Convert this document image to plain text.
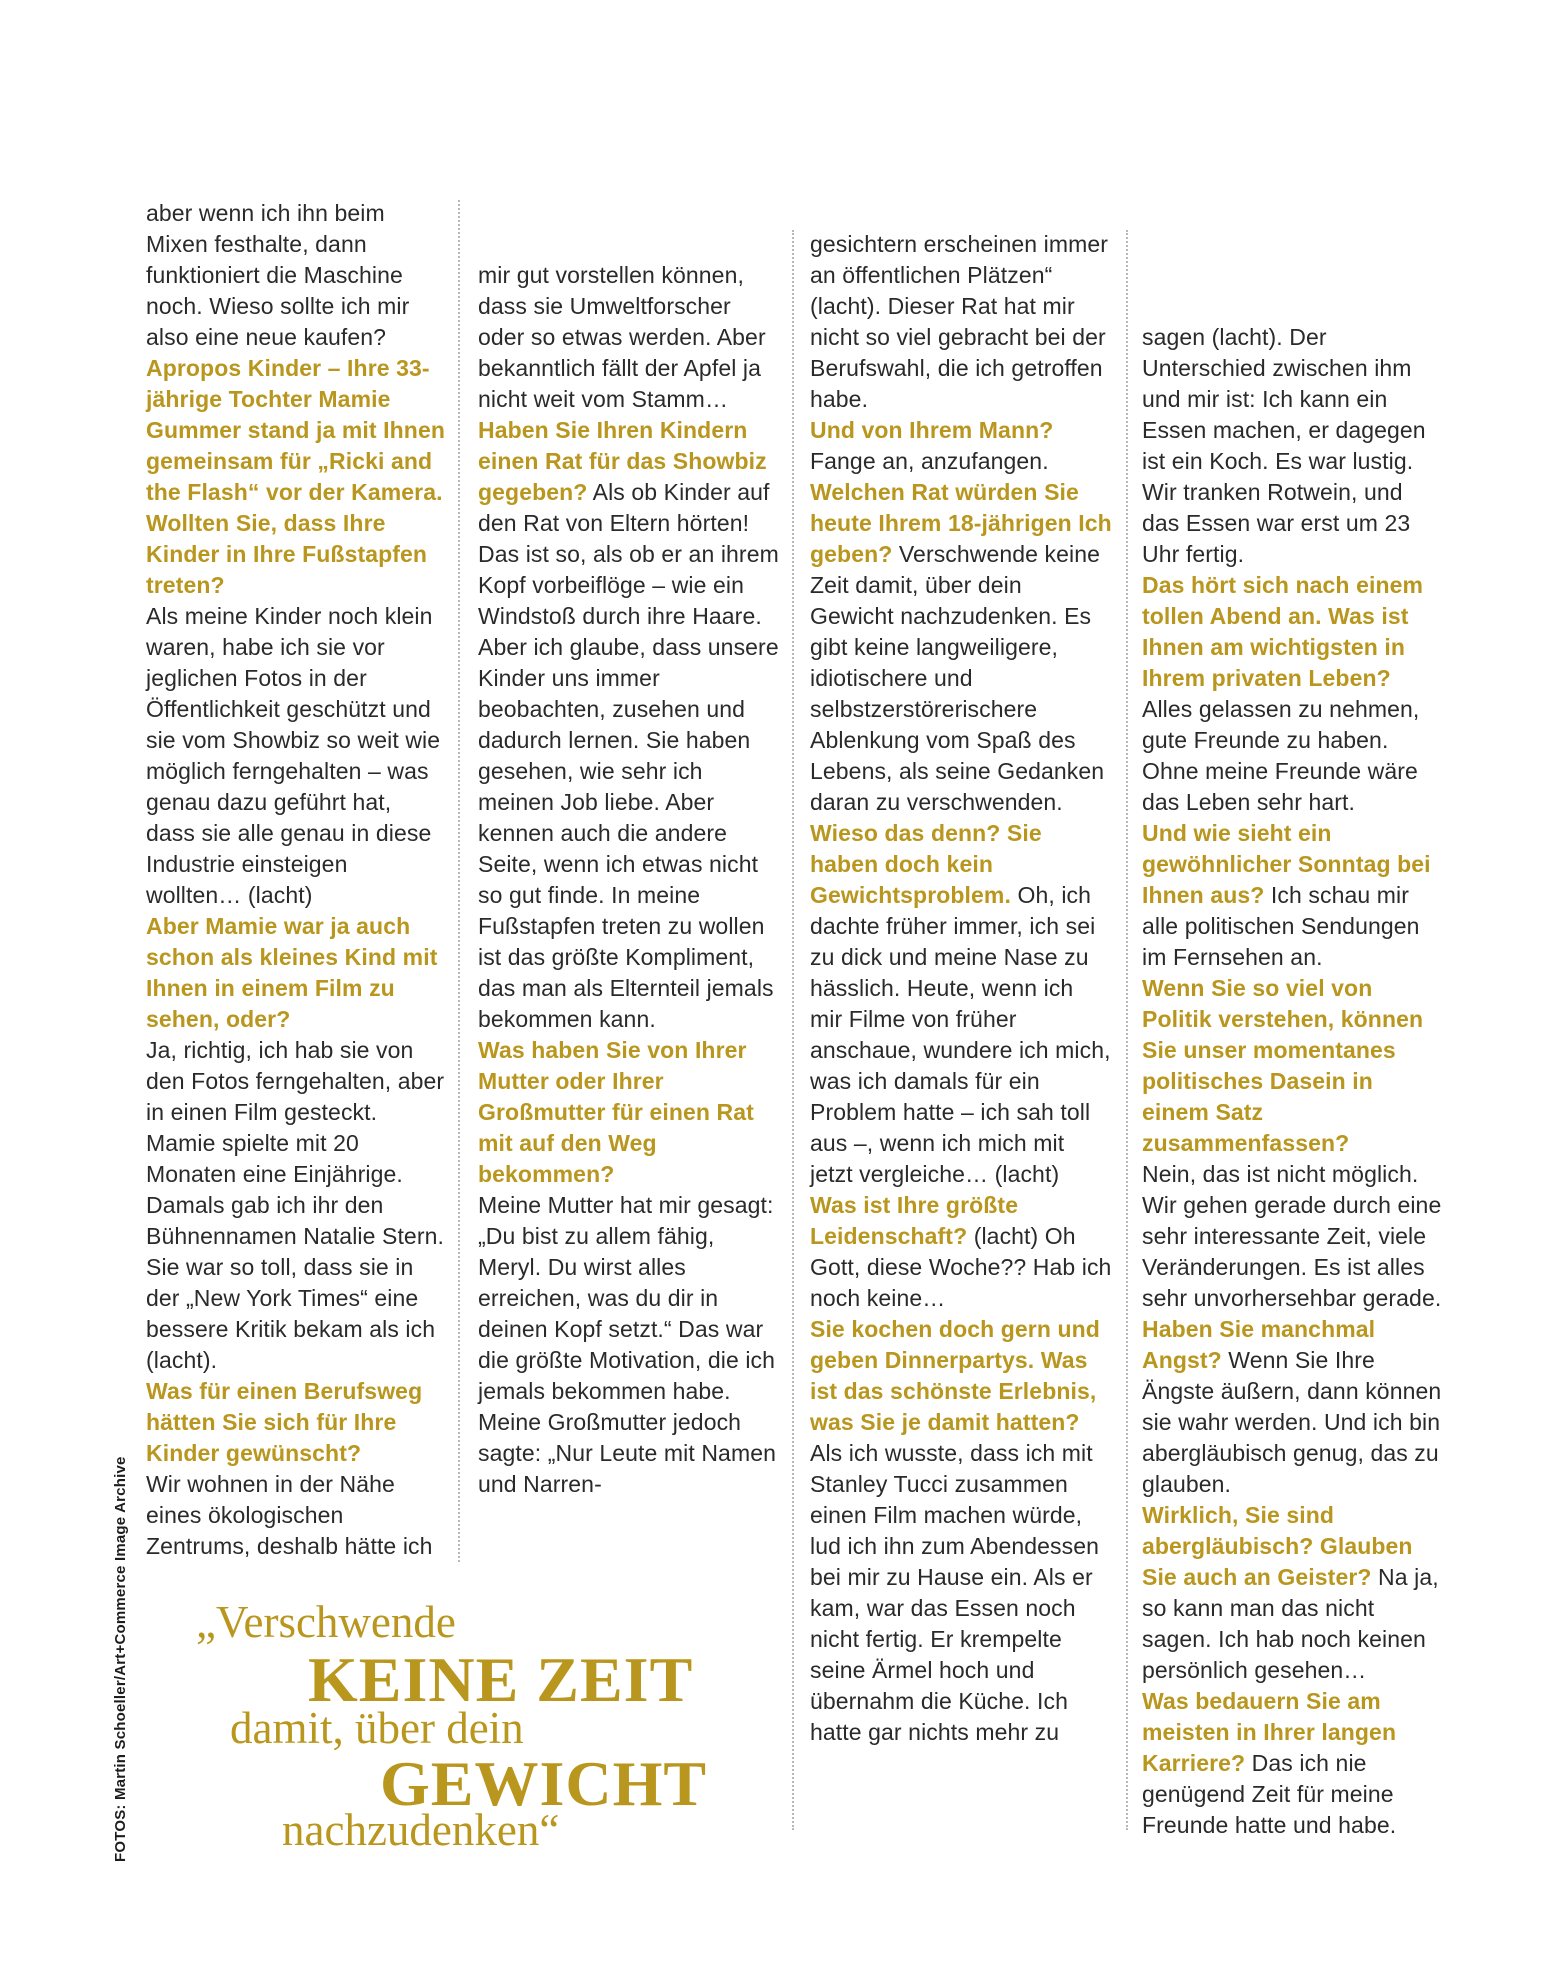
aber wenn ich ihn beim Mixen festhalte, dann funktioniert die Maschine noch. Wieso sollte ich mir also eine neue kaufen?

Apropos Kinder – Ihre 33-jährige Tochter Mamie Gummer stand ja mit Ihnen gemeinsam für „Ricki and the Flash“ vor der Kamera. Wollten Sie, dass Ihre Kinder in Ihre Fußstapfen treten?

Als meine Kinder noch klein waren, habe ich sie vor jeglichen Fotos in der Öffentlichkeit geschützt und sie vom Showbiz so weit wie möglich ferngehalten – was genau dazu geführt hat, dass sie alle genau in diese Industrie einsteigen wollten… (lacht)

Aber Mamie war ja auch schon als kleines Kind mit Ihnen in einem Film zu sehen, oder?

Ja, richtig, ich hab sie von den Fotos ferngehalten, aber in einen Film gesteckt. Mamie spielte mit 20 Monaten eine Einjährige. Damals gab ich ihr den Bühnennamen Natalie Stern. Sie war so toll, dass sie in der „New York Times“ eine bessere Kritik bekam als ich (lacht).

Was für einen Berufsweg hätten Sie sich für Ihre Kinder gewünscht?

Wir wohnen in der Nähe eines ökologischen Zentrums, deshalb hätte ich

mir gut vorstellen können, dass sie Umweltforscher oder so etwas werden. Aber bekanntlich fällt der Apfel ja nicht weit vom Stamm…

Haben Sie Ihren Kindern einen Rat für das Showbiz gegeben? Als ob Kinder auf den Rat von Eltern hörten! Das ist so, als ob er an ihrem Kopf vorbeiflöge – wie ein Windstoß durch ihre Haare. Aber ich glaube, dass unsere Kinder uns immer beobachten, zusehen und dadurch lernen. Sie haben gesehen, wie sehr ich meinen Job liebe. Aber kennen auch die andere Seite, wenn ich etwas nicht so gut finde. In meine Fußstapfen treten zu wollen ist das größte Kompliment, das man als Elternteil jemals bekommen kann.

Was haben Sie von Ihrer Mutter oder Ihrer Großmutter für einen Rat mit auf den Weg bekommen?

Meine Mutter hat mir gesagt: „Du bist zu allem fähig, Meryl. Du wirst alles erreichen, was du dir in deinen Kopf setzt.“ Das war die größte Motivation, die ich jemals bekommen habe. Meine Großmutter jedoch sagte: „Nur Leute mit Namen und Narren-

gesichtern erscheinen immer an öffentlichen Plätzen“ (lacht). Dieser Rat hat mir nicht so viel gebracht bei der Berufswahl, die ich getroffen habe.

Und von Ihrem Mann?

Fange an, anzufangen.

Welchen Rat würden Sie heute Ihrem 18-jährigen Ich geben? Verschwende keine Zeit damit, über dein Gewicht nachzudenken. Es gibt keine langweiligere, idiotischere und selbstzerstörerischere Ablenkung vom Spaß des Lebens, als seine Gedanken daran zu verschwenden.

Wieso das denn? Sie haben doch kein Gewichtsproblem. Oh, ich dachte früher immer, ich sei zu dick und meine Nase zu hässlich. Heute, wenn ich mir Filme von früher anschaue, wundere ich mich, was ich damals für ein Problem hatte – ich sah toll aus –, wenn ich mich mit jetzt vergleiche… (lacht)

Was ist Ihre größte Leidenschaft? (lacht) Oh Gott, diese Woche?? Hab ich noch keine…

Sie kochen doch gern und geben Dinnerpartys. Was ist das schönste Erlebnis, was Sie je damit hatten? Als ich wusste, dass ich mit Stanley Tucci zusammen einen Film machen würde, lud ich ihn zum Abendessen bei mir zu Hause ein. Als er kam, war das Essen noch nicht fertig. Er krempelte seine Ärmel hoch und übernahm die Küche. Ich hatte gar nichts mehr zu

sagen (lacht). Der Unterschied zwischen ihm und mir ist: Ich kann ein Essen machen, er dagegen ist ein Koch. Es war lustig. Wir tranken Rotwein, und das Essen war erst um 23 Uhr fertig.

Das hört sich nach einem tollen Abend an. Was ist Ihnen am wichtigsten in Ihrem privaten Leben?

Alles gelassen zu nehmen, gute Freunde zu haben. Ohne meine Freunde wäre das Leben sehr hart.

Und wie sieht ein gewöhnlicher Sonntag bei Ihnen aus? Ich schau mir alle politischen Sendungen im Fernsehen an.

Wenn Sie so viel von Politik verstehen, können Sie unser momentanes politisches Dasein in einem Satz zusammenfassen?

Nein, das ist nicht möglich. Wir gehen gerade durch eine sehr interessante Zeit, viele Veränderungen. Es ist alles sehr unvorhersehbar gerade.

Haben Sie manchmal Angst? Wenn Sie Ihre Ängste äußern, dann können sie wahr werden. Und ich bin abergläubisch genug, das zu glauben.

Wirklich, Sie sind abergläubisch? Glauben Sie auch an Geister? Na ja, so kann man das nicht sagen. Ich hab noch keinen persönlich gesehen…

Was bedauern Sie am meisten in Ihrer langen Karriere? Das ich nie genügend Zeit für meine Freunde hatte und habe.

FOTOS: Martin Schoeller/Art+Commerce Image Archive „Verschwende
KEINE ZEIT
damit, über dein
GEWICHT
nachzudenken“
